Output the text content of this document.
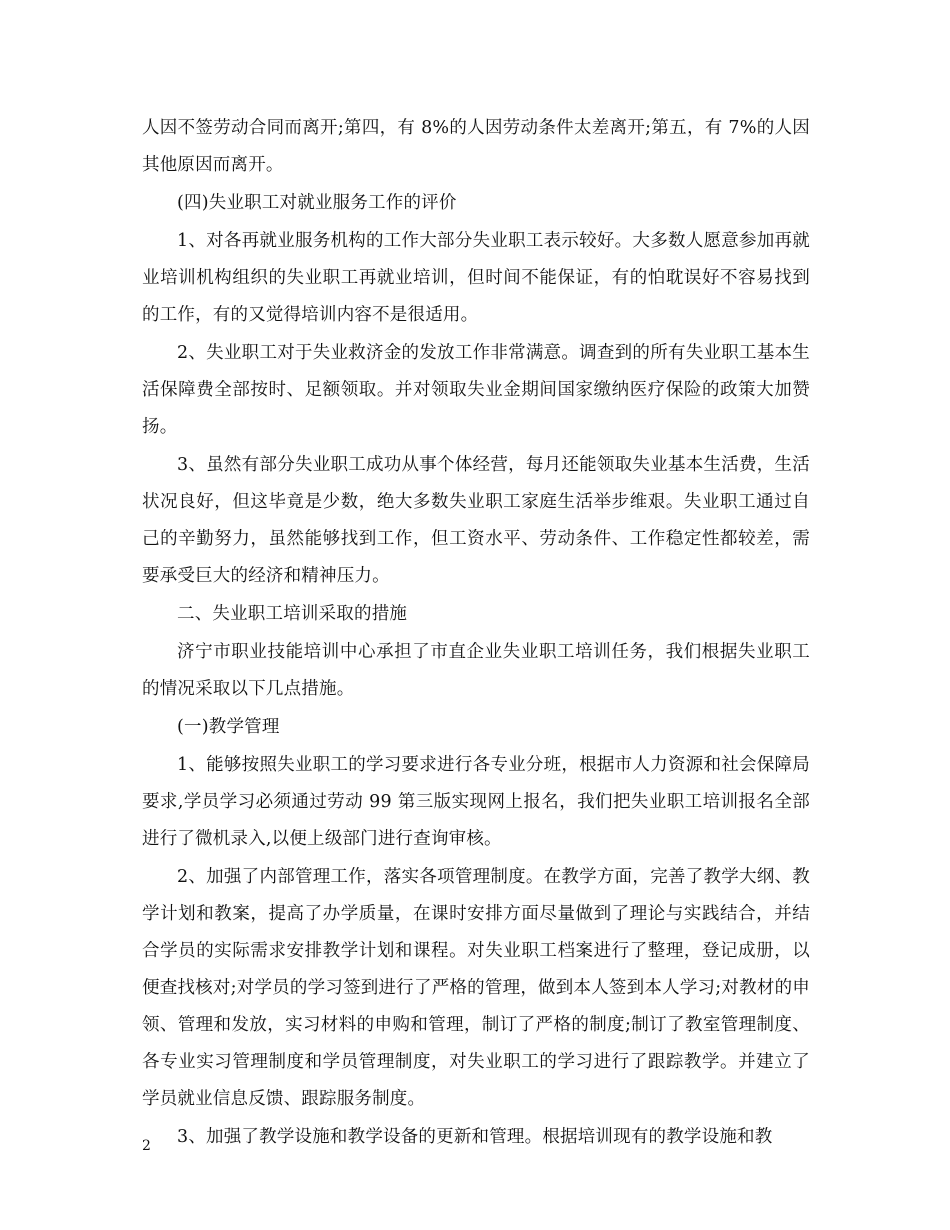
人因不签劳动合同而离开;第四，有 8%的人因劳动条件太差离开;第五，有 7%的人因其他原因而离开。

(四)失业职工对就业服务工作的评价

1、对各再就业服务机构的工作大部分失业职工表示较好。大多数人愿意参加再就业培训机构组织的失业职工再就业培训，但时间不能保证，有的怕耽误好不容易找到的工作，有的又觉得培训内容不是很适用。

2、失业职工对于失业救济金的发放工作非常满意。调查到的所有失业职工基本生活保障费全部按时、足额领取。并对领取失业金期间国家缴纳医疗保险的政策大加赞扬。

3、虽然有部分失业职工成功从事个体经营，每月还能领取失业基本生活费，生活状况良好，但这毕竟是少数，绝大多数失业职工家庭生活举步维艰。失业职工通过自己的辛勤努力，虽然能够找到工作，但工资水平、劳动条件、工作稳定性都较差，需要承受巨大的经济和精神压力。

二、失业职工培训采取的措施

济宁市职业技能培训中心承担了市直企业失业职工培训任务，我们根据失业职工的情况采取以下几点措施。

(一)教学管理

1、能够按照失业职工的学习要求进行各专业分班，根据市人力资源和社会保障局要求,学员学习必须通过劳动 99 第三版实现网上报名，我们把失业职工培训报名全部进行了微机录入,以便上级部门进行查询审核。

2、加强了内部管理工作，落实各项管理制度。在教学方面，完善了教学大纲、教学计划和教案，提高了办学质量，在课时安排方面尽量做到了理论与实践结合，并结合学员的实际需求安排教学计划和课程。对失业职工档案进行了整理，登记成册，以便查找核对;对学员的学习签到进行了严格的管理，做到本人签到本人学习;对教材的申领、管理和发放，实习材料的申购和管理，制订了严格的制度;制订了教室管理制度、各专业实习管理制度和学员管理制度，对失业职工的学习进行了跟踪教学。并建立了学员就业信息反馈、跟踪服务制度。

3、加强了教学设施和教学设备的更新和管理。根据培训现有的教学设施和教

2
